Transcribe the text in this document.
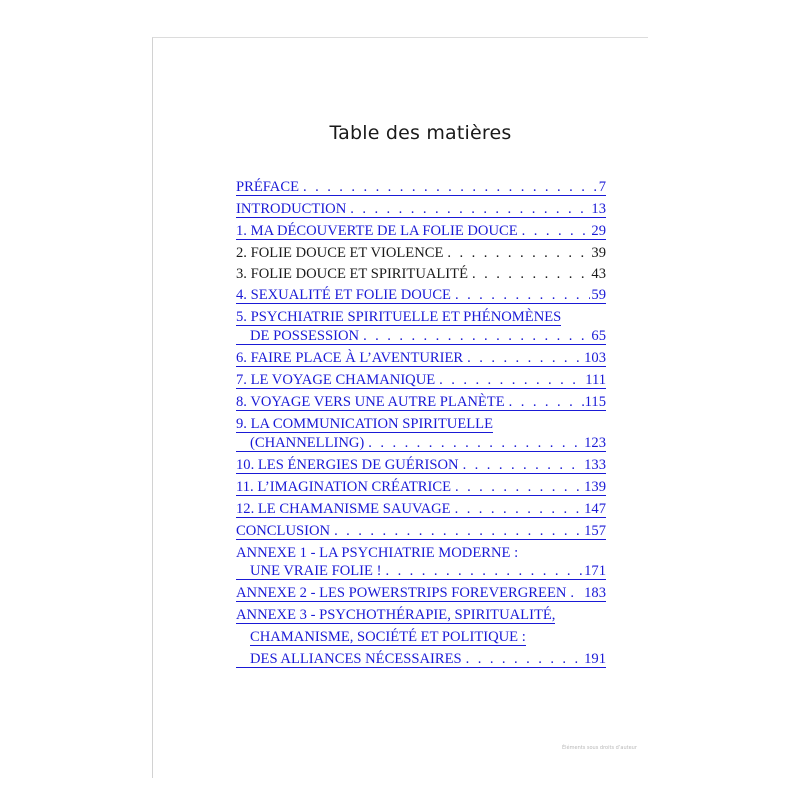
Table des matières
PRÉFACE . . .	7
INTRODUCTION . . .	13
1. MA DÉCOUVERTE DE LA FOLIE DOUCE . . .	29
2. FOLIE DOUCE ET VIOLENCE . . .	39
3. FOLIE DOUCE ET SPIRITUALITÉ . . .	43
4. SEXUALITÉ ET FOLIE DOUCE . . .	59
5. PSYCHIATRIE SPIRITUELLE ET PHÉNOMÈNES
DE POSSESSION . . .	65
6. FAIRE PLACE À L’AVENTURIER . . .	103
7. LE VOYAGE CHAMANIQUE . . .	111
8. VOYAGE VERS UNE AUTRE PLANÈTE . . .	115
9. LA COMMUNICATION SPIRITUELLE
(CHANNELLING) . . .	123
10. LES ÉNERGIES DE GUÉRISON . . .	133
11. L’IMAGINATION CRÉATRICE . . .	139
12. LE CHAMANISME SAUVAGE . . .	147
CONCLUSION . . .	157
ANNEXE 1 - LA PSYCHIATRIE MODERNE :
UNE VRAIE FOLIE ! . . .	171
ANNEXE 2 - LES POWERSTRIPS FOREVERGREEN . . . 183
ANNEXE 3 - PSYCHOTHÉRAPIE, SPIRITUALITÉ,
CHAMANISME, SOCIÉTÉ ET POLITIQUE :
DES ALLIANCES NÉCESSAIRES . . .	191
Éléments sous droits d’auteur
